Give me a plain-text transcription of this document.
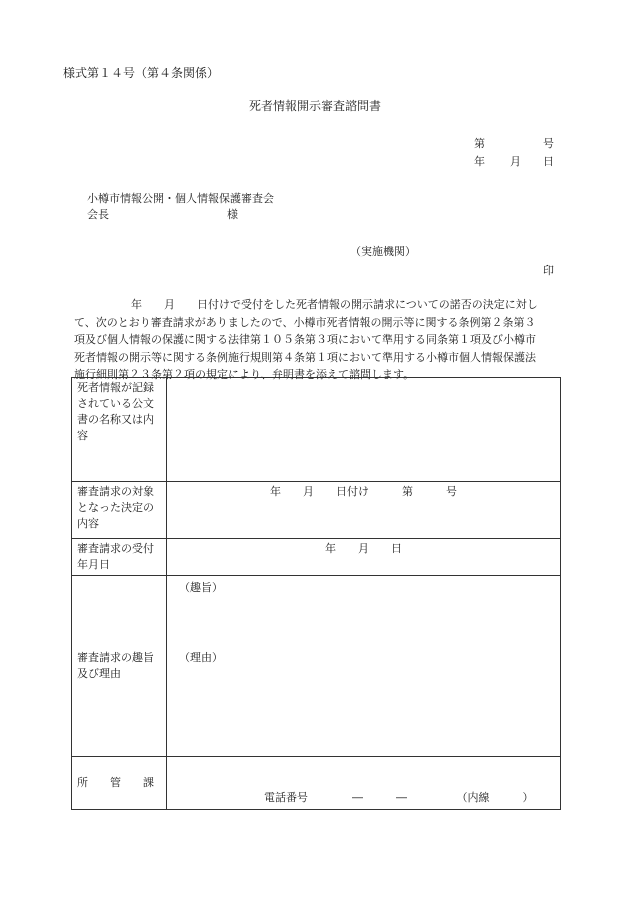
様式第１４号（第４条関係）
死者情報開示審査諮問書
第	号
年 月 日
小樽市情報公開・個人情報保護審査会
会長	様
（実施機関）
印
年　　月　　日付けで受付をした死者情報の開示請求についての諾否の決定に対し
て、次のとおり審査請求がありましたので、小樽市死者情報の開示等に関する条例第２条第３
項及び個人情報の保護に関する法律第１０５条第３項において準用する同条第１項及び小樽市
死者情報の開示等に関する条例施行規則第４条第１項において準用する小樽市個人情報保護法
施行細則第２３条第２項の規定により、弁明書を添えて諮問します。
死者情報が記録されている公文書の名称又は内容	
審査請求の対象となった決定の内容	年　　月　　日付け　　　第　　　号
審査請求の受付年月日	年　　月　　日
審査請求の趣旨及び理由	（趣旨）
（理由）

所　　管　　課	電話番号　　　　―　　　―　　　　　（内線　　　）
